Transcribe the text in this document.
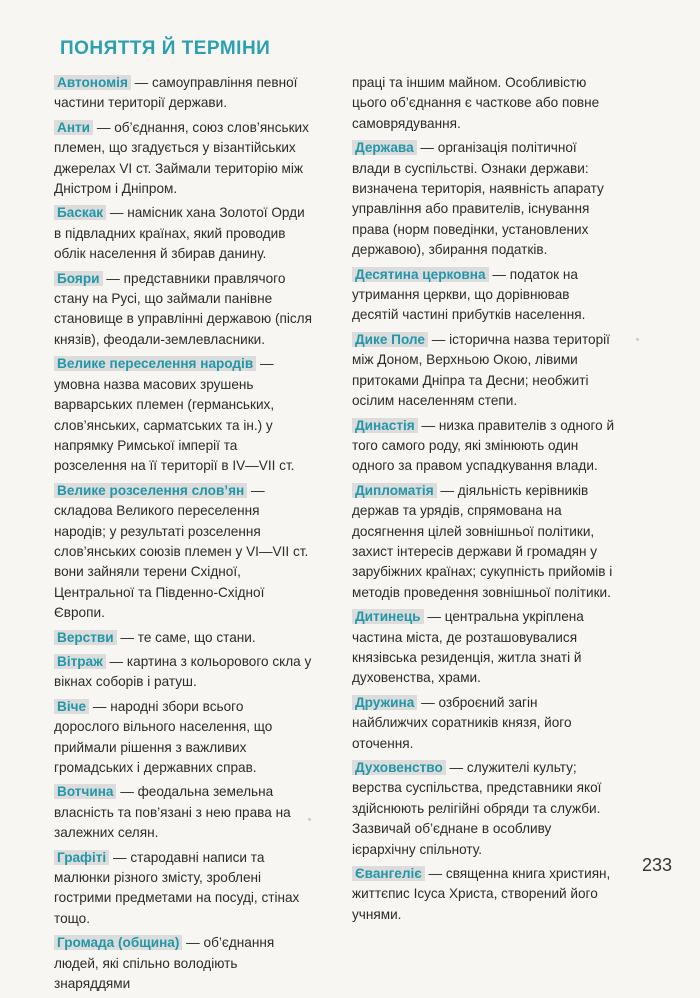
ПОНЯТТЯ Й ТЕРМІНИ
Автономія — самоуправління певної частини території держави.
Анти — об’єднання, союз слов’янських племен, що згадується у візантійських джерелах VI ст. Займали територію між Дністром і Дніпром.
Баскак — намісник хана Золотої Орди в підвладних країнах, який проводив облік населення й збирав данину.
Бояри — представники правлячого стану на Русі, що займали панівне становище в управлінні державою (після князів), феодали-землевласники.
Велике переселення народів — умовна назва масових зрушень варварських племен (германських, слов’янських, сарматських та ін.) у напрямку Римської імперії та розселення на її території в IV—VII ст.
Велике розселення слов’ян — складова Великого переселення народів; у результаті розселення слов’янських союзів племен у VI—VII ст. вони зайняли терени Східної, Центральної та Південно-Східної Європи.
Верстви — те саме, що стани.
Вітраж — картина з кольорового скла у вікнах соборів і ратуш.
Віче — народні збори всього дорослого вільного населення, що приймали рішення з важливих громадських і державних справ.
Вотчина — феодальна земельна власність та пов’язані з нею права на залежних селян.
Графіті — стародавні написи та малюнки різного змісту, зроблені гострими предметами на посуді, стінах тощо.
Громада (община) — об’єднання людей, які спільно володіють знаряддями
праці та іншим майном. Особливістю цього об’єднання є часткове або повне самоврядування.
Держава — організація політичної влади в суспільстві. Ознаки держави: визначена територія, наявність апарату управління або правителів, існування права (норм поведінки, установлених державою), збирання податків.
Десятина церковна — податок на утримання церкви, що дорівнював десятій частині прибутків населення.
Дике Поле — історична назва території між Доном, Верхньою Окою, лівими притоками Дніпра та Десни; необжиті осілим населенням степи.
Династія — низка правителів з одного й того самого роду, які змінюють один одного за правом успадкування влади.
Дипломатія — діяльність керівників держав та урядів, спрямована на досягнення цілей зовнішньої політики, захист інтересів держави й громадян у зарубіжних країнах; сукупність прийомів і методів проведення зовнішньої політики.
Дитинець — центральна укріплена частина міста, де розташовувалися князівська резиденція, житла знаті й духовенства, храми.
Дружина — озброєний загін найближчих соратників князя, його оточення.
Духовенство — служителі культу; верства суспільства, представники якої здійснюють релігійні обряди та служби. Зазвичай об’єднане в особливу ієрархічну спільноту.
Євангеліє — священна книга християн, життєпис Ісуса Христа, створений його учнями.
233
